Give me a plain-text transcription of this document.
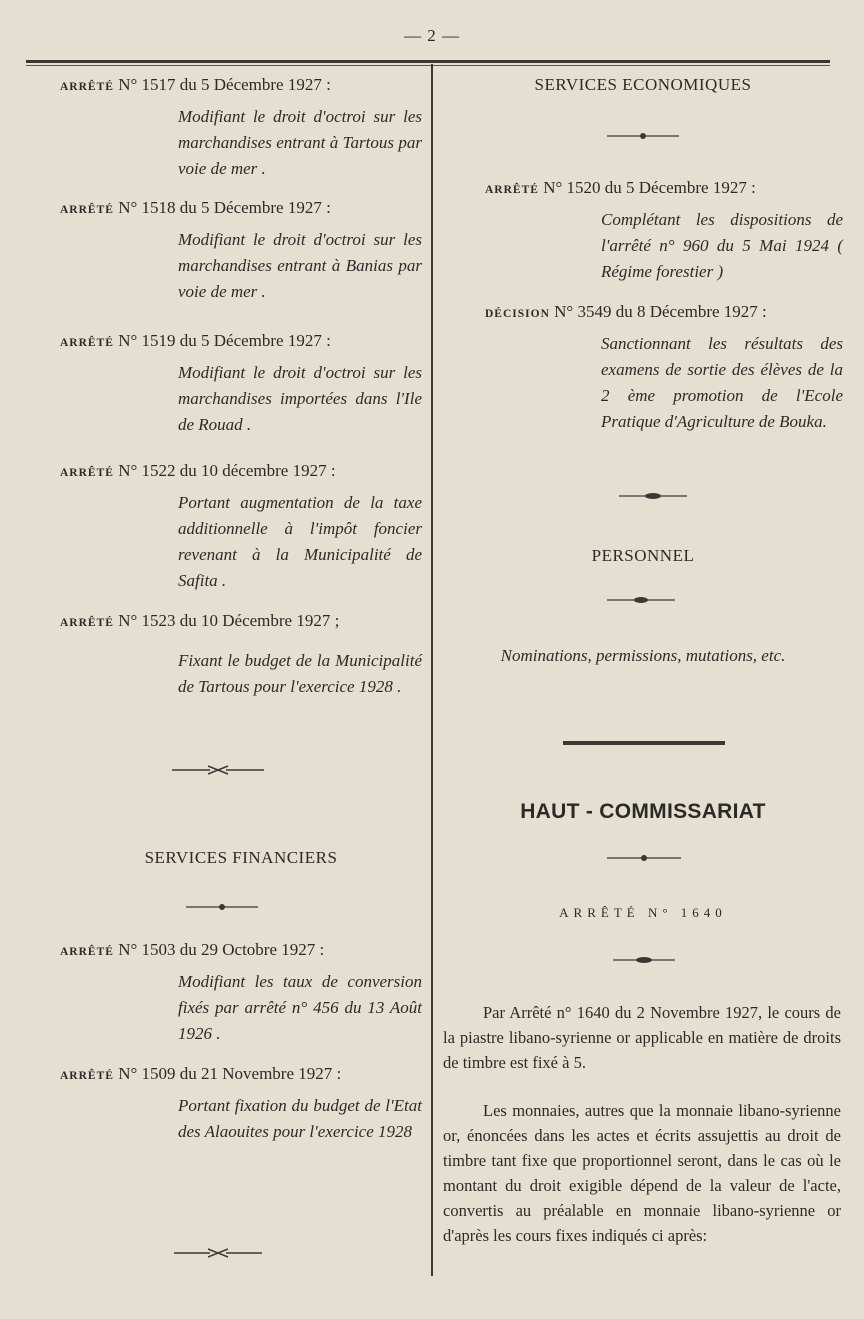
— 2 —
ARRÊTÉ N° 1517 du 5 Décembre 1927 :
Modifiant le droit d'octroi sur les marchandises entrant à Tartous par voie de mer .
ARRÊTÉ N° 1518 du 5 Décembre 1927 :
Modifiant le droit d'octroi sur les marchandises entrant à Banias par voie de mer .
ARRÊTÉ N° 1519 du 5 Décembre 1927 :
Modifiant le droit d'octroi sur les marchandises importées dans l'Ile de Rouad .
ARRÊTÉ N° 1522 du 10 décembre 1927 :
Portant augmentation de la taxe additionnelle à l'impôt foncier revenant à la Municipalité de Safita .
ARRÊTÉ N° 1523 du 10 Décembre 1927 ;
Fixant le budget de la Municipalité de Tartous pour l'exercice 1928 .
SERVICES FINANCIERS
ARRÊTÉ N° 1503 du 29 Octobre 1927 :
Modifiant les taux de conversion fixés par arrêté n° 456 du 13 Août 1926 .
ARRÊTÉ N° 1509 du 21 Novembre 1927 :
Portant fixation du budget de l'Etat des Alaouites pour l'exercice 1928
SERVICES ECONOMIQUES
ARRÊTÉ N° 1520 du 5 Décembre 1927 :
Complétant les dispositions de l'arrêté n° 960 du 5 Mai 1924 ( Régime forestier )
DÉCISION N° 3549 du 8 Décembre 1927 :
Sanctionnant les résultats des examens de sortie des élèves de la 2 ème promotion de l'Ecole Pratique d'Agriculture de Bouka.
PERSONNEL
Nominations, permissions, mutations, etc.
HAUT - COMMISSARIAT
ARRÊTÉ N° 1640

Par Arrêté n° 1640 du 2 Novembre 1927, le cours de la piastre libano-syrienne or applicable en matière de droits de timbre est fixé à 5.

Les monnaies, autres que la monnaie libano-syrienne or, énoncées dans les actes et écrits assujettis au droit de timbre tant fixe que proportionnel seront, dans le cas où le montant du droit exigible dépend de la valeur de l'acte, convertis au préalable en monnaie libano-syrienne or d'après les cours fixes indiqués ci après:
